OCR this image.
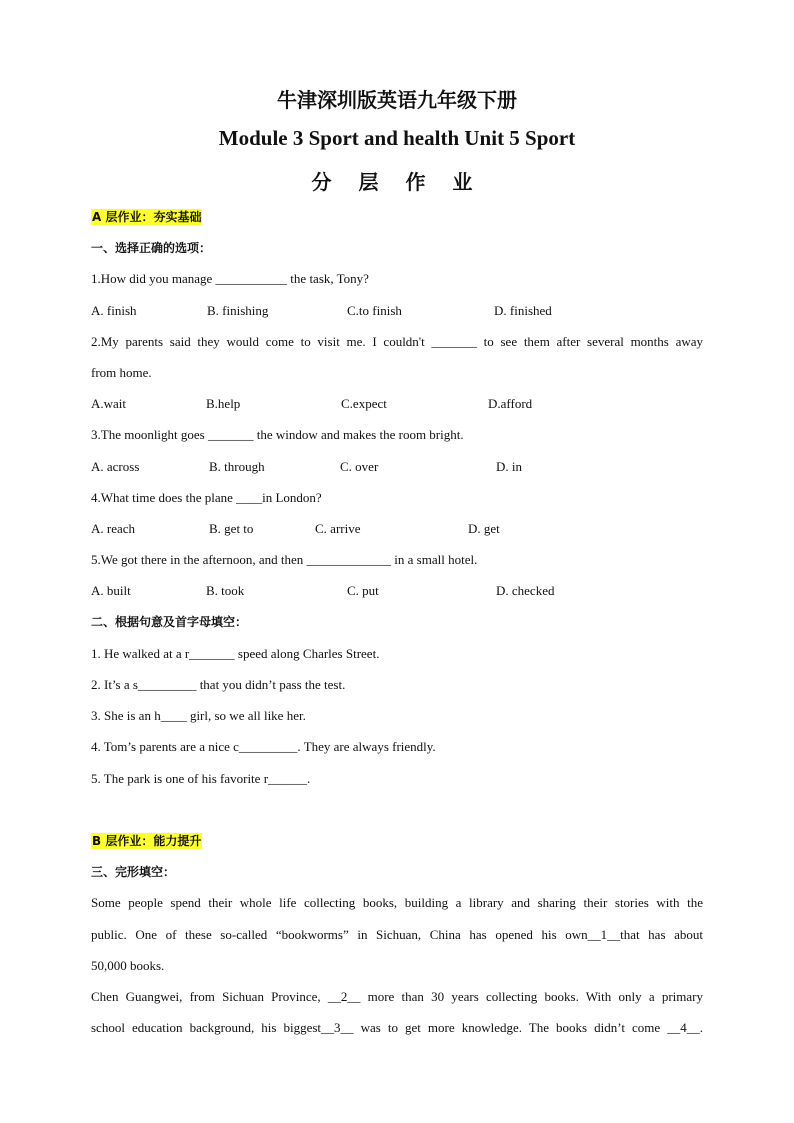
牛津深圳版英语九年级下册
Module 3 Sport and health Unit 5 Sport
分 层 作 业
A 层作业：夯实基础
一、选择正确的选项：
1.How did you manage ___________ the task, Tony?
A. finish	B. finishing	C.to finish	D. finished
2.My parents said they would come to visit me. I couldn't _______ to see them after several months away
from home.
A.wait	B.help	C.expect	D.afford
3.The moonlight goes _______ the window and makes the room bright.
A. across	B. through	C. over	D. in
4.What time does the plane ____in London?
A. reach	B. get to	C. arrive	D. get
5.We got there in the afternoon, and then _____________ in a small hotel.
A. built	B. took	C. put	D. checked
二、根据句意及首字母填空：
1. He walked at a r_______ speed along Charles Street.
2. It’s a s_________ that you didn’t pass the test.
3. She is an h____ girl, so we all like her.
4. Tom’s parents are a nice c_________. They are always friendly.
5. The park is one of his favorite r______.
B 层作业：能力提升
三、完形填空：
Some people spend their whole life collecting books, building a library and sharing their stories with the
public. One of these so-called “bookworms” in Sichuan, China has opened his own__1__that has about
50,000 books.
Chen Guangwei, from Sichuan Province, __2__ more than 30 years collecting books. With only a primary
school education background, his biggest__3__ was to get more knowledge. The books didn’t come __4__.
